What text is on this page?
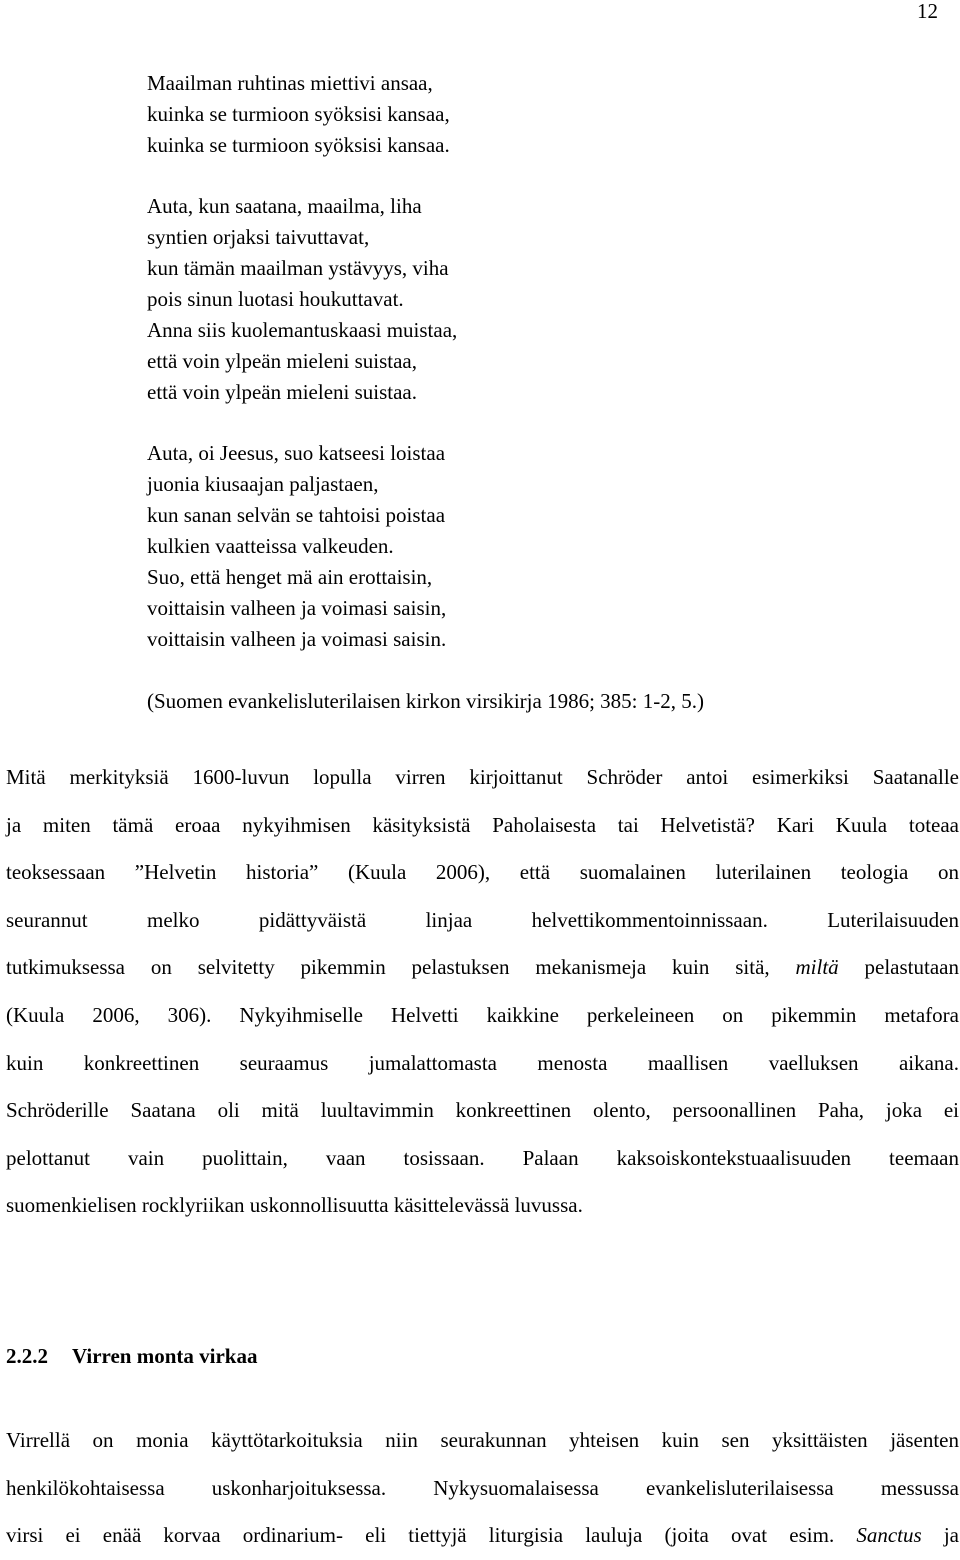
12
Maailman ruhtinas miettivi ansaa,
kuinka se turmioon syöksisi kansaa,
kuinka se turmioon syöksisi kansaa.
Auta, kun saatana, maailma, liha
syntien orjaksi taivuttavat,
kun tämän maailman ystävyys, viha
pois sinun luotasi houkuttavat.
Anna siis kuolemantuskaasi muistaa,
että voin ylpeän mieleni suistaa,
että voin ylpeän mieleni suistaa.
Auta, oi Jeesus, suo katseesi loistaa
juonia kiusaajan paljastaen,
kun sanan selvän se tahtoisi poistaa
kulkien vaatteissa valkeuden.
Suo, että henget mä ain erottaisin,
voittaisin valheen ja voimasi saisin,
voittaisin valheen ja voimasi saisin.
(Suomen evankelisluterilaisen kirkon virsikirja 1986; 385: 1-2, 5.)
Mitä merkityksiä 1600-luvun lopulla virren kirjoittanut Schröder antoi esimerkiksi Saatanalle
ja miten tämä eroaa nykyihmisen käsityksistä Paholaisesta tai Helvetistä? Kari Kuula toteaa
teoksessaan ”Helvetin historia” (Kuula 2006), että suomalainen luterilainen teologia on
seurannut melko pidättyväistä linjaa helvettikommentoinnissaan. Luterilaisuuden
tutkimuksessa on selvitetty pikemmin pelastuksen mekanismeja kuin sitä, miltä pelastutaan
(Kuula 2006, 306). Nykyihmiselle Helvetti kaikkine perkeleineen on pikemmin metafora
kuin konkreettinen seuraamus jumalattomasta menosta maallisen vaelluksen aikana.
Schröderille Saatana oli mitä luultavimmin konkreettinen olento, persoonallinen Paha, joka ei
pelottanut vain puolittain, vaan tosissaan. Palaan kaksoiskontekstuaalisuuden teemaan
suomenkielisen rocklyriikan uskonnollisuutta käsittelevässä luvussa.
2.2.2 Virren monta virkaa
Virrellä on monia käyttötarkoituksia niin seurakunnan yhteisen kuin sen yksittäisten jäsenten
henkilökohtaisessa uskonharjoituksessa. Nykysuomalaisessa evankelisluterilaisessa messussa
virsi ei enää korvaa ordinarium- eli tiettyjä liturgisia lauluja (joita ovat esim. Sanctus ja
